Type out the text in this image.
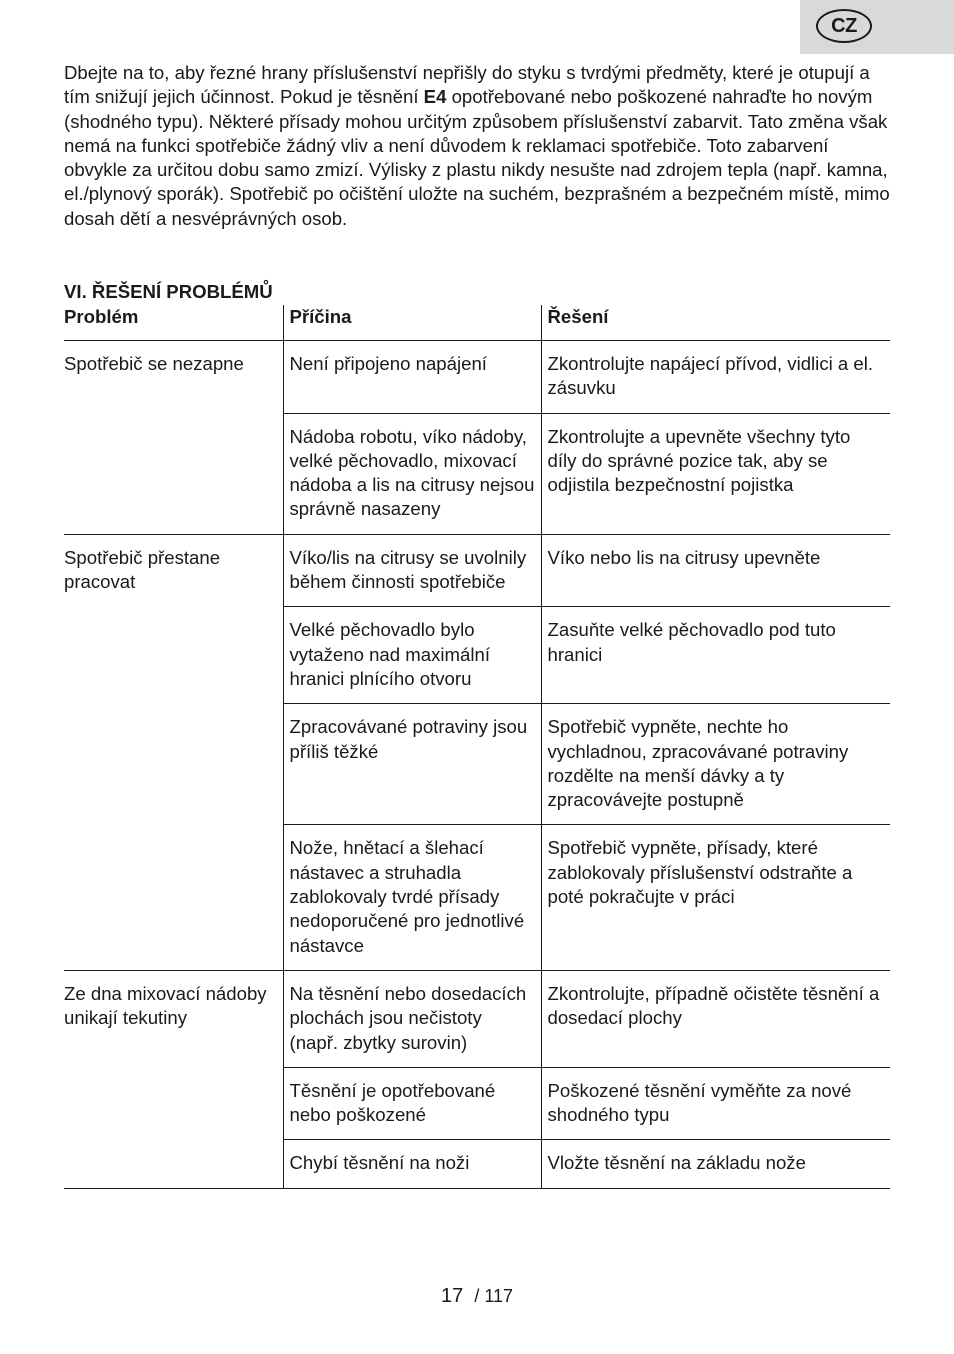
CZ

Dbejte na to, aby řezné hrany příslušenství nepřišly do styku s tvrdými předměty, které je otupují a tím snižují jejich účinnost. Pokud je těsnění E4 opotřebované nebo poškozené nahraďte ho novým (shodného typu). Některé přísady mohou určitým způsobem příslušenství zabarvit. Tato změna však nemá na funkci spotřebiče žádný vliv a není důvodem k reklamaci spotřebiče. Toto zabarvení obvykle za určitou dobu samo zmizí. Výlisky z plastu nikdy nesušte nad zdrojem tepla (např. kamna, el./plynový sporák). Spotřebič po očištění uložte na suchém, bezprašném a bezpečném místě, mimo dosah dětí a nesvéprávných osob.

VI. ŘEŠENÍ PROBLÉMŮ
Problém	Příčina	Řešení
Spotřebič se nezapne	Není připojeno napájení	Zkontrolujte napájecí přívod, vidlici a el. zásuvku
	Nádoba robotu, víko nádoby, velké pěchovadlo, mixovací nádoba a lis na citrusy nejsou správně nasazeny	Zkontrolujte a upevněte všechny tyto díly do správné pozice tak, aby se odjistila bezpečnostní pojistka
Spotřebič přestane pracovat	Víko/lis na citrusy se uvolnily během činnosti spotřebiče	Víko nebo lis na citrusy upevněte
	Velké pěchovadlo bylo vytaženo nad maximální hranici plnícího otvoru	Zasuňte velké pěchovadlo pod tuto hranici
	Zpracovávané potraviny jsou příliš těžké	Spotřebič vypněte, nechte ho vychladnou, zpracovávané potraviny rozdělte na menší dávky a ty zpracovávejte postupně
	Nože, hnětací a šlehací nástavec a struhadla zablokovaly tvrdé přísady nedoporučené pro jednotlivé nástavce	Spotřebič vypněte, přísady, které zablokovaly příslušenství odstraňte a poté pokračujte v práci
Ze dna mixovací nádoby unikají tekutiny	Na těsnění nebo dosedacích plochách jsou nečistoty (např. zbytky surovin)	Zkontrolujte, případně očistěte těsnění a dosedací plochy
	Těsnění je opotřebované nebo poškozené	Poškozené těsnění vyměňte za nové shodného typu
	Chybí těsnění na noži	Vložte těsnění na základu nože
17 / 117
